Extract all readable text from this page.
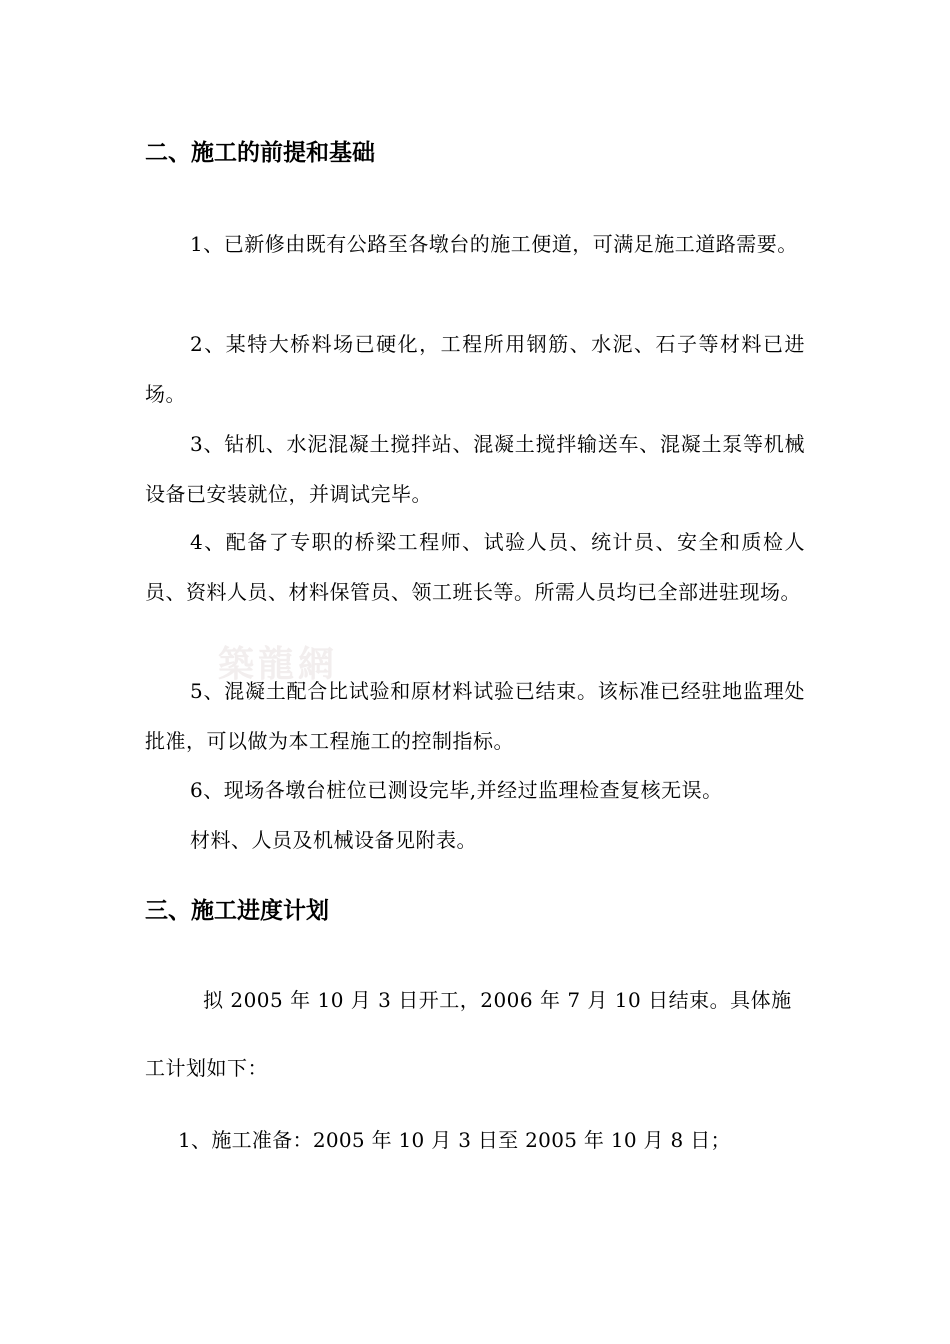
二、施工的前提和基础
1、已新修由既有公路至各墩台的施工便道，可满足施工道路需要。
2、某特大桥料场已硬化，工程所用钢筋、水泥、石子等材料已进场。
3、钻机、水泥混凝土搅拌站、混凝土搅拌输送车、混凝土泵等机械设备已安装就位，并调试完毕。
4、配备了专职的桥梁工程师、试验人员、统计员、安全和质检人员、资料人员、材料保管员、领工班长等。所需人员均已全部进驻现场。
築龍網
5、混凝土配合比试验和原材料试验已结束。该标准已经驻地监理处批准，可以做为本工程施工的控制指标。
6、现场各墩台桩位已测设完毕,并经过监理检查复核无误。
材料、人员及机械设备见附表。
三、施工进度计划
拟 2005 年 10 月 3 日开工，2006 年 7 月 10 日结束。具体施工计划如下：
1、施工准备：2005 年 10 月 3 日至 2005 年 10 月 8 日；
